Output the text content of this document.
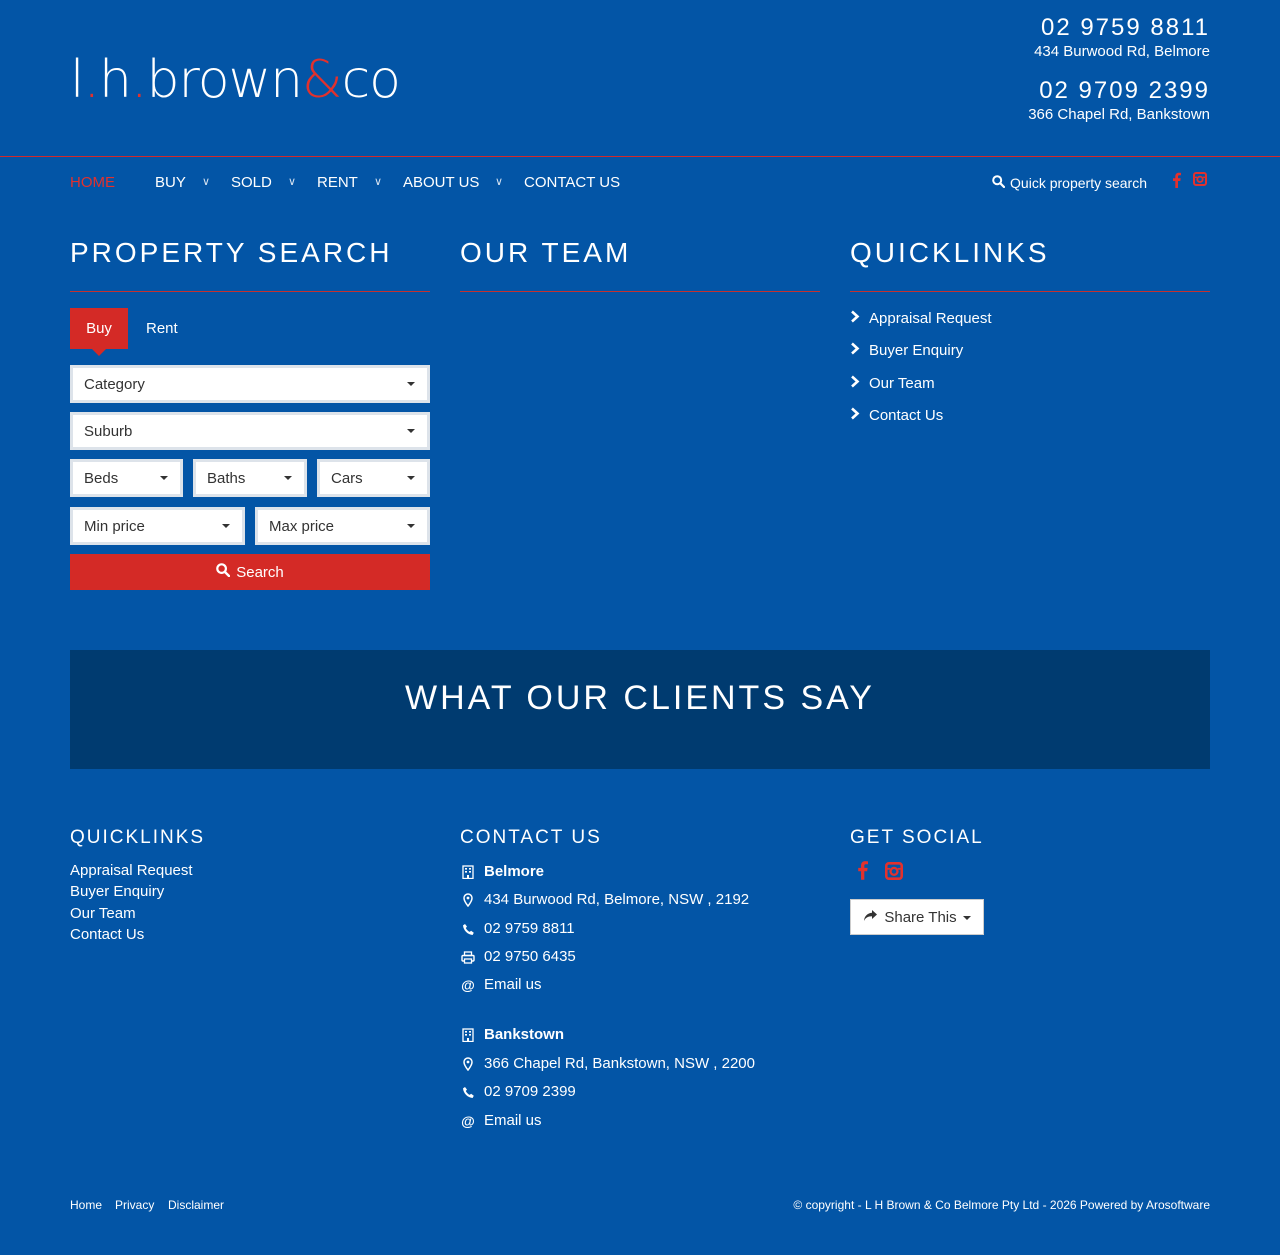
l.h.brown&co
02 9759 8811
434 Burwood Rd, Belmore
02 9709 2399
366 Chapel Rd, Bankstown
HOME	BUY ∨ SOLD ∨ RENT ∨ ABOUT US ∨ CONTACT US	Quick property search
PROPERTY SEARCH OUR TEAM	QUICKLINKS
Buy	Rent
Category
Suburb
Beds	Baths	Cars
Min price	Max price
Search
Appraisal Request
Buyer Enquiry
Our Team
Contact Us
WHAT OUR CLIENTS SAY
QUICKLINKS
Appraisal Request
Buyer Enquiry
Our Team
Contact Us
CONTACT US
Belmore
434 Burwood Rd, Belmore, NSW , 2192
02 9759 8811
02 9750 6435
@ Email us
Bankstown
366 Chapel Rd, Bankstown, NSW , 2200
02 9709 2399
@ Email us
GET SOCIAL
Share This
Home Privacy Disclaimer	© copyright - L H Brown & Co Belmore Pty Ltd - 2026 Powered by Arosoftware
